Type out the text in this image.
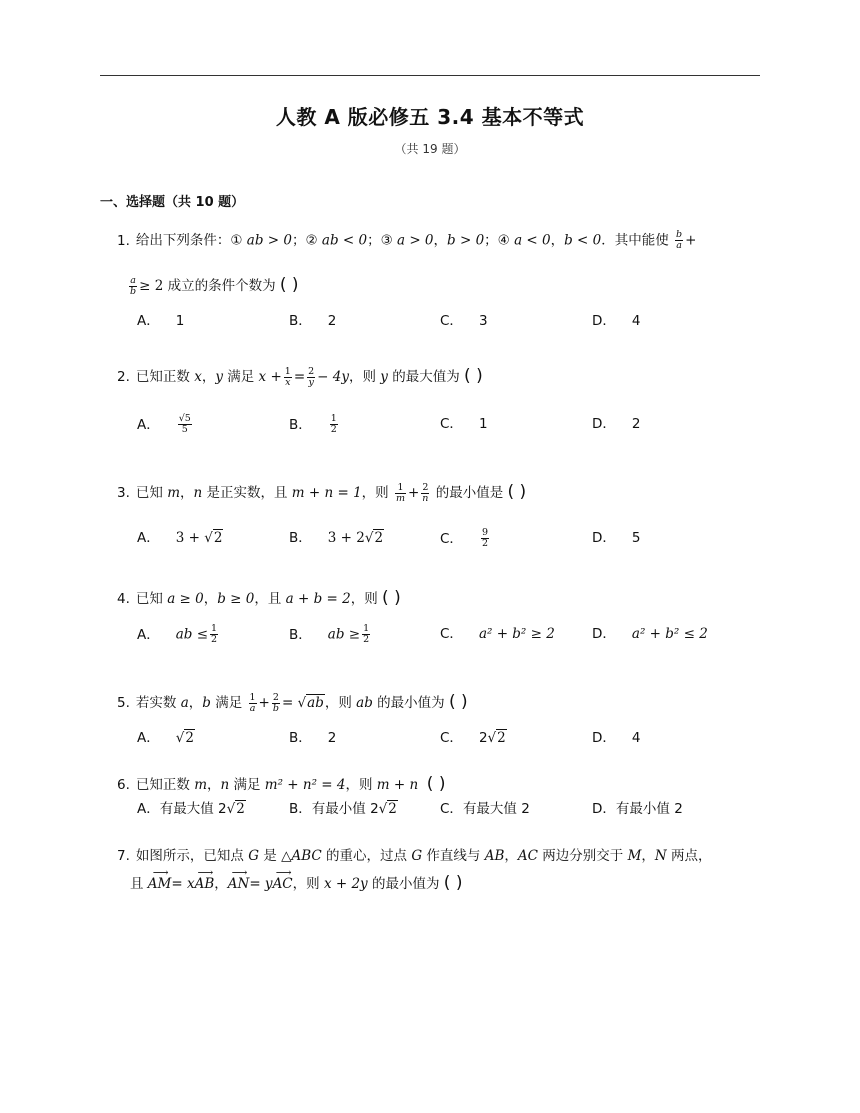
人教 A 版必修五 3.4 基本不等式
（共 19 题）
一、选择题（共 10 题）
1. 给出下列条件：① ab > 0；② ab < 0；③ a > 0，b > 0；④ a < 0，b < 0．其中能使 $\frac{b}{a}$ +
$\frac{a}{b} \ge 2$ 成立的条件个数为 ( )
A． 1	B． 2	C． 3	D． 4
2. 已知正数 x，y 满足 $x + \frac{1}{x} = \frac{2}{y} - 4y$，则 y 的最大值为 ( )
A． $\frac{√5}{5}$	B． $\frac{1}{2}$	C． 1	D． 2
3. 已知 m，n 是正实数，且 m + n = 1，则 $\frac{1}{m} + \frac{2}{n}$ 的最小值是 ( )
A． 3 + √2	B． 3 + 2√2	C． $\frac{9}{2}$	D． 5
4. 已知 a ≥ 0，b ≥ 0，且 a + b = 2，则 ( )
A． ab ≤ $\frac{1}{2}$	B． ab ≥ $\frac{1}{2}$	C． a² + b² ≥ 2	D． a² + b² ≤ 2
5. 若实数 a，b 满足 $\frac{1}{a} + \frac{2}{b} = √ab$，则 ab 的最小值为 ( )
A． √2	B． 2	C． 2√2	D． 4
6. 已知正数 m，n 满足 m² + n² = 4，则 m + n ( )
A．有最大值 2√2	B．有最小值 2√2	C．有最大值 2	D．有最小值 2
7. 如图所示，已知点 G 是 △ABC 的重心，过点 G 作直线与 AB，AC 两边分别交于 M，N 两点，
且 ⟶ AM= x⟶ AB，⟶ AN= y⟶ AC，则 x + 2y 的最小值为 ( )
